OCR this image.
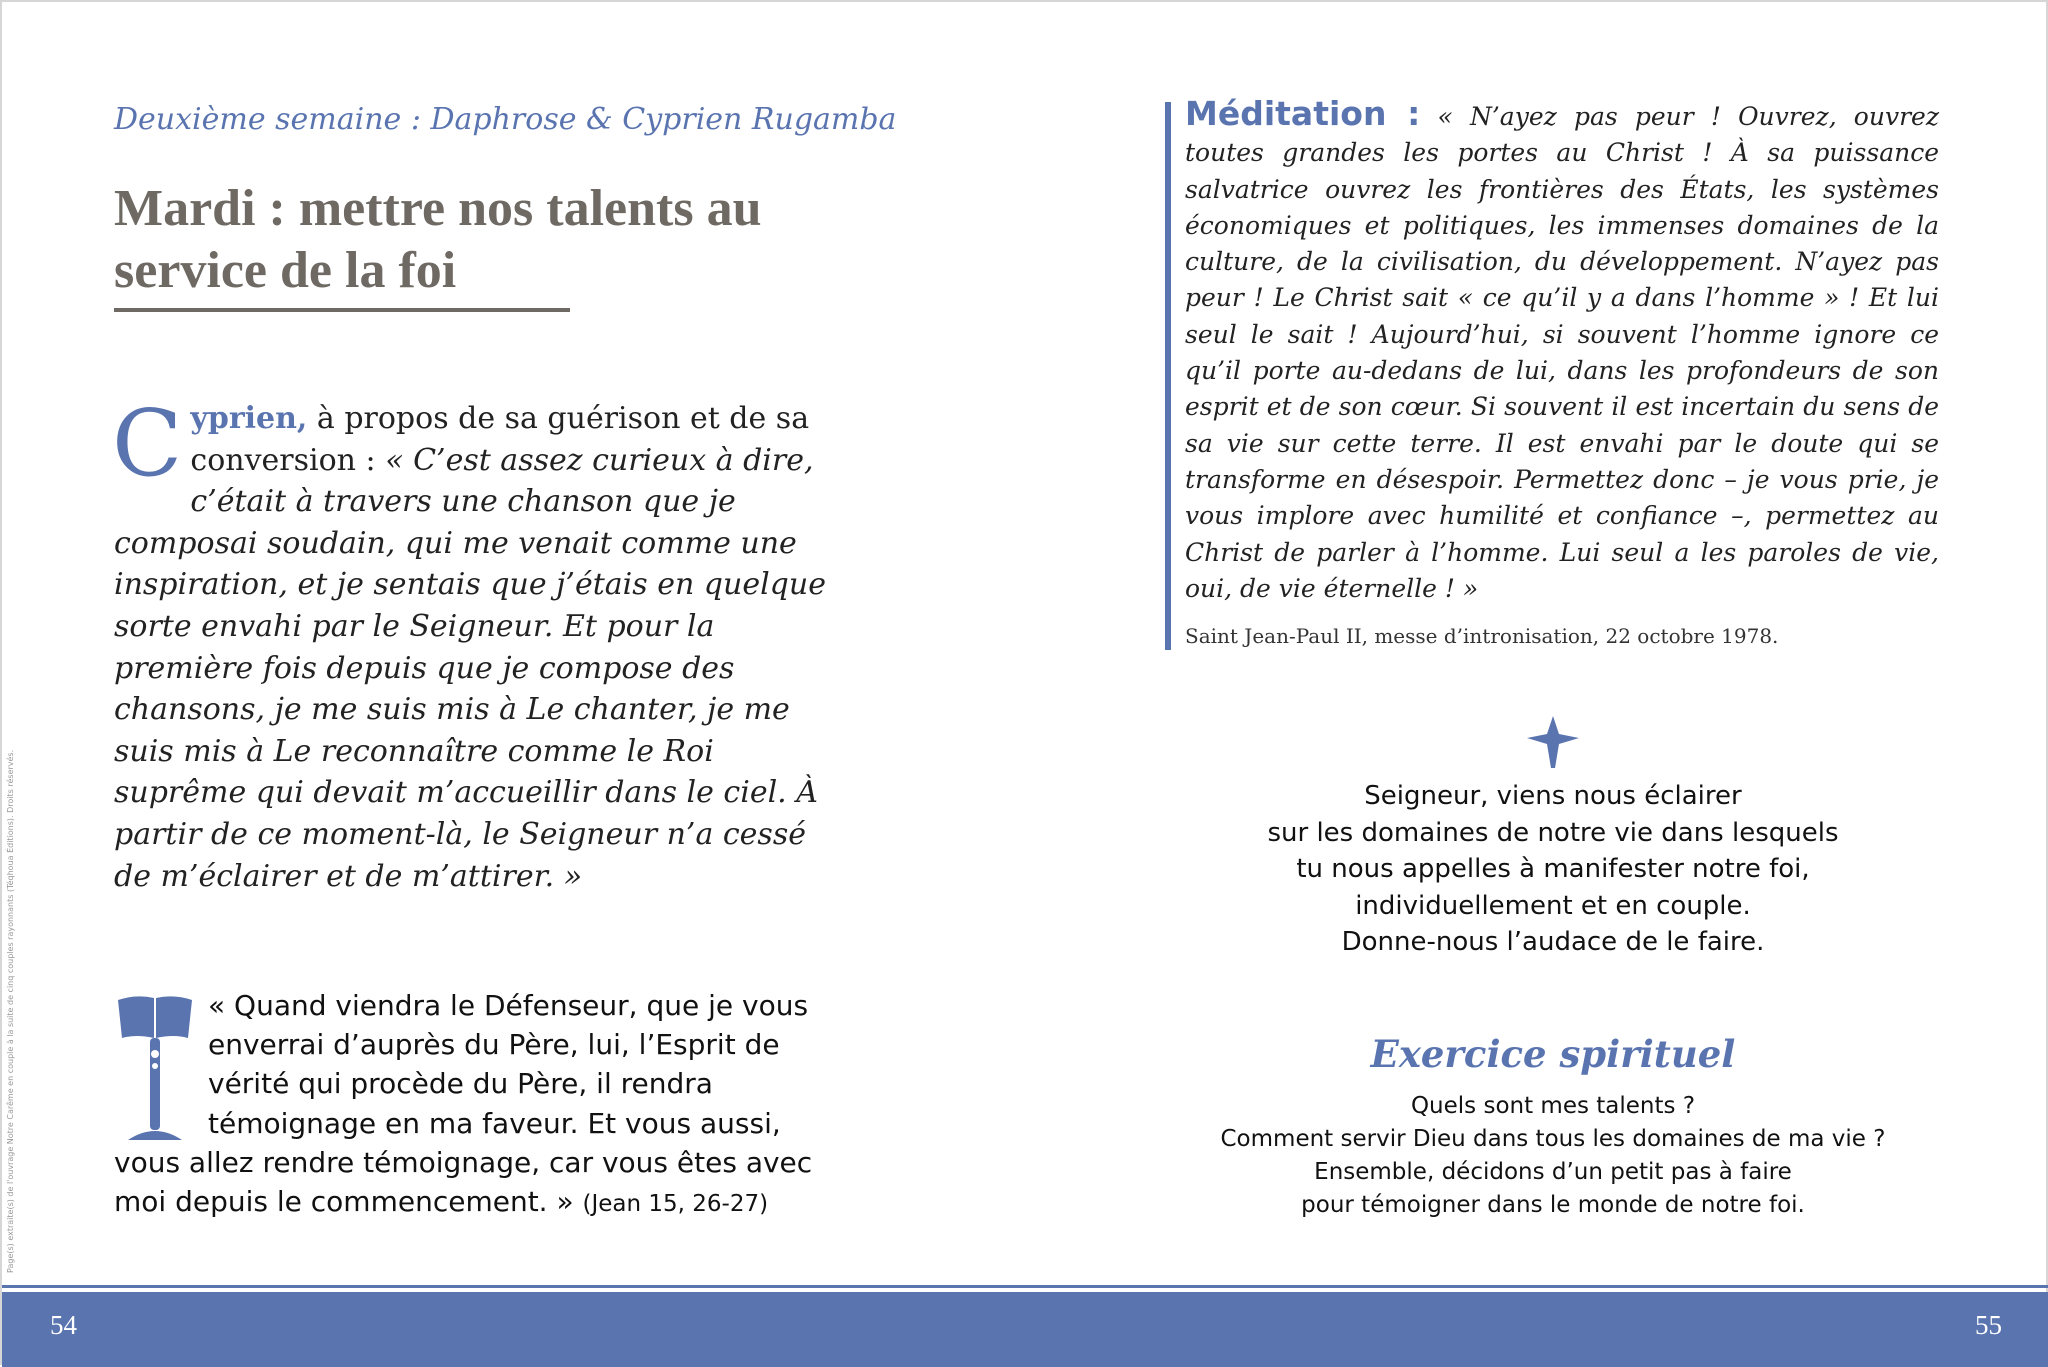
Deuxième semaine : Daphrose & Cyprien Rugamba
Mardi : mettre nos talents au service de la foi
Cyprien, à propos de sa guérison et de sa conversion : « C’est assez curieux à dire, c’était à travers une chanson que je composai soudain, qui me venait comme une inspiration, et je sentais que j’étais en quelque sorte envahi par le Seigneur. Et pour la première fois depuis que je compose des chansons, je me suis mis à Le chanter, je me suis mis à Le reconnaître comme le Roi suprême qui devait m’accueillir dans le ciel. À partir de ce moment-là, le Seigneur n’a cessé de m’éclairer et de m’attirer. »
« Quand viendra le Défenseur, que je vous enverrai d’auprès du Père, lui, l’Esprit de vérité qui procède du Père, il rendra témoignage en ma faveur. Et vous aussi, vous allez rendre témoignage, car vous êtes avec moi depuis le commencement. » (Jean 15, 26-27)
Page(s) extraite(s) de l'ouvrage Notre Carême en couple à la suite de cinq couples rayonnants (Téqhoua Éditions). Droits réservés.
Méditation : « N’ayez pas peur ! Ouvrez, ouvrez toutes grandes les portes au Christ ! À sa puissance salvatrice ouvrez les frontières des États, les systèmes économiques et politiques, les immenses domaines de la culture, de la civilisation, du développement. N’ayez pas peur ! Le Christ sait « ce qu’il y a dans l’homme » ! Et lui seul le sait ! Aujourd’hui, si souvent l’homme ignore ce qu’il porte au-dedans de lui, dans les profondeurs de son esprit et de son cœur. Si souvent il est incertain du sens de sa vie sur cette terre. Il est envahi par le doute qui se transforme en désespoir. Permettez donc – je vous prie, je vous implore avec humilité et confiance –, permettez au Christ de parler à l’homme. Lui seul a les paroles de vie, oui, de vie éternelle ! »
Saint Jean-Paul II, messe d’intronisation, 22 octobre 1978.
Seigneur, viens nous éclairer
sur les domaines de notre vie dans lesquels
tu nous appelles à manifester notre foi,
individuellement et en couple.
Donne-nous l’audace de le faire.
Exercice spirituel
Quels sont mes talents ?
Comment servir Dieu dans tous les domaines de ma vie ?
Ensemble, décidons d’un petit pas à faire
pour témoigner dans le monde de notre foi.
54	55
